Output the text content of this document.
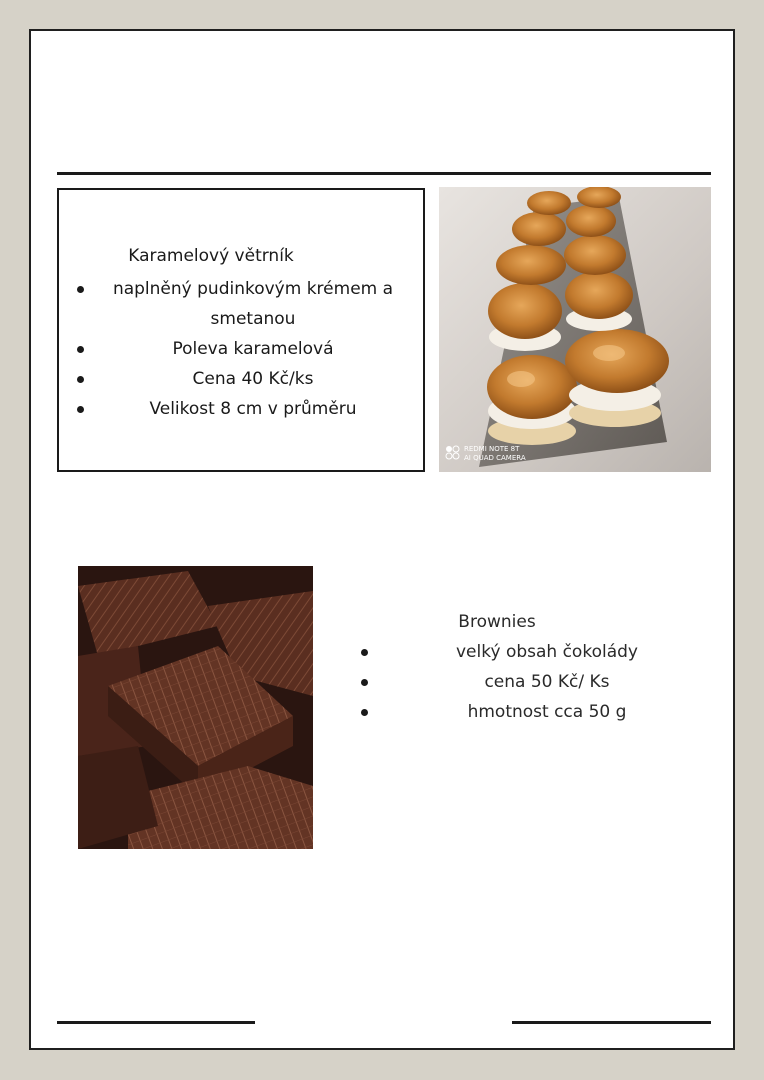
Karamelový větrník
naplněný pudinkovým krémem a smetanou
Poleva karamelová
Cena 40 Kč/ks
Velikost 8 cm v průměru
REDMI NOTE 8T
AI QUAD CAMERA
Brownies
velký obsah čokolády
cena 50 Kč/ Ks
hmotnost cca 50 g
